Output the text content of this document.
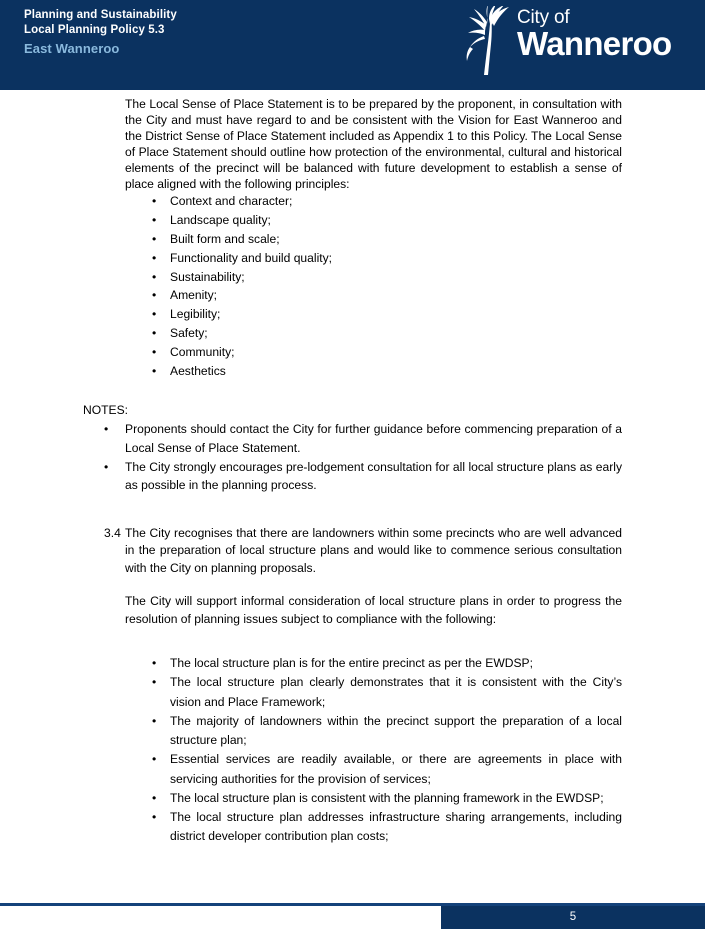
Planning and Sustainability
Local Planning Policy 5.3
East Wanneroo
City of
Wanneroo

The Local Sense of Place Statement is to be prepared by the proponent, in consultation with the City and must have regard to and be consistent with the Vision for East Wanneroo and the District Sense of Place Statement included as Appendix 1 to this Policy. The Local Sense of Place Statement should outline how protection of the environmental, cultural and historical elements of the precinct will be balanced with future development to establish a sense of place aligned with the following principles:

•	Context and character;
•	Landscape quality;
•	Built form and scale;
•	Functionality and build quality;
•	Sustainability;
•	Amenity;
•	Legibility;
•	Safety;
•	Community;
•	Aesthetics
NOTES:
•	Proponents should contact the City for further guidance before commencing preparation of a Local Sense of Place Statement.
•	The City strongly encourages pre-lodgement consultation for all local structure plans as early as possible in the planning process.
3.4 The City recognises that there are landowners within some precincts who are well advanced in the preparation of local structure plans and would like to commence serious consultation with the City on planning proposals.
The City will support informal consideration of local structure plans in order to progress the resolution of planning issues subject to compliance with the following:
•	The local structure plan is for the entire precinct as per the EWDSP;
•	The local structure plan clearly demonstrates that it is consistent with the City’s vision and Place Framework;
•	The majority of landowners within the precinct support the preparation of a local structure plan;
•	Essential services are readily available, or there are agreements in place with servicing authorities for the provision of services;
•	The local structure plan is consistent with the planning framework in the EWDSP;
•	The local structure plan addresses infrastructure sharing arrangements, including district developer contribution plan costs;
5
